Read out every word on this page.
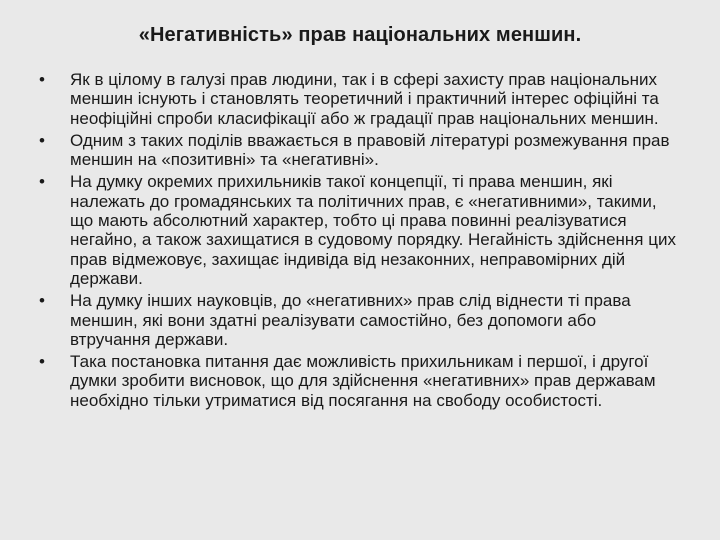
«Негативність» прав національних меншин.
• Як в цілому в галузі прав людини, так і в сфері захисту прав національних меншин існують і становлять теоретичний і практичний інтерес офіційні та неофіційні спроби класифікації або ж градації прав національних меншин.
• Одним з таких поділів вважається в правовій літературі розмежування прав меншин на «позитивні» та «негативні».
• На думку окремих прихильників такої концепції, ті права меншин, які належать до громадянських та політичних прав, є «негативними», такими, що мають абсолютний характер, тобто ці права повинні реалізуватися негайно, а також захищатися в судовому порядку. Негайність здійснення цих прав відмежовує, захищає індивіда від незаконних, неправомірних дій держави.
• На думку інших науковців, до «негативних» прав слід віднести ті права меншин, які вони здатні реалізувати самостійно, без допомоги або втручання держави.
• Така постановка питання дає можливість прихильникам і першої, і другої думки зробити висновок, що для здійснення «негативних» прав державам необхідно тільки утриматися від посягання на свободу особистості.
